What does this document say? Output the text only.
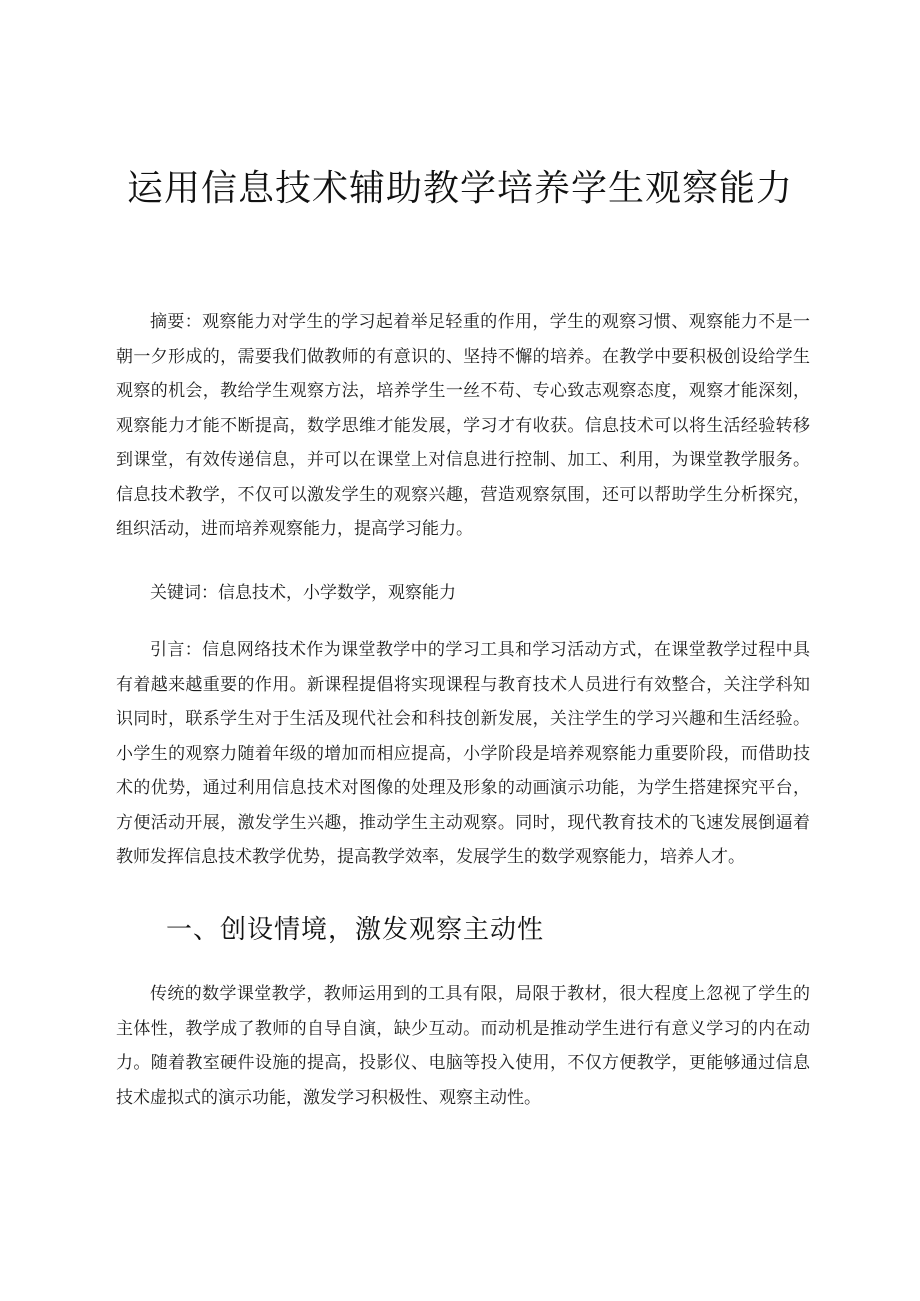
运用信息技术辅助教学培养学生观察能力

摘要：观察能力对学生的学习起着举足轻重的作用，学生的观察习惯、观察能力不是一朝一夕形成的，需要我们做教师的有意识的、坚持不懈的培养。在教学中要积极创设给学生观察的机会，教给学生观察方法，培养学生一丝不苟、专心致志观察态度，观察才能深刻，观察能力才能不断提高，数学思维才能发展，学习才有收获。信息技术可以将生活经验转移到课堂，有效传递信息，并可以在课堂上对信息进行控制、加工、利用，为课堂教学服务。信息技术教学，不仅可以激发学生的观察兴趣，营造观察氛围，还可以帮助学生分析探究，组织活动，进而培养观察能力，提高学习能力。

关键词：信息技术，小学数学，观察能力

引言：信息网络技术作为课堂教学中的学习工具和学习活动方式，在课堂教学过程中具有着越来越重要的作用。新课程提倡将实现课程与教育技术人员进行有效整合，关注学科知识同时，联系学生对于生活及现代社会和科技创新发展，关注学生的学习兴趣和生活经验。小学生的观察力随着年级的增加而相应提高，小学阶段是培养观察能力重要阶段，而借助技术的优势，通过利用信息技术对图像的处理及形象的动画演示功能，为学生搭建探究平台，方便活动开展，激发学生兴趣，推动学生主动观察。同时，现代教育技术的飞速发展倒逼着教师发挥信息技术教学优势，提高教学效率，发展学生的数学观察能力，培养人才。

一、创设情境，激发观察主动性

传统的数学课堂教学，教师运用到的工具有限，局限于教材，很大程度上忽视了学生的主体性，教学成了教师的自导自演，缺少互动。而动机是推动学生进行有意义学习的内在动力。随着教室硬件设施的提高，投影仪、电脑等投入使用，不仅方便教学，更能够通过信息技术虚拟式的演示功能，激发学习积极性、观察主动性。
